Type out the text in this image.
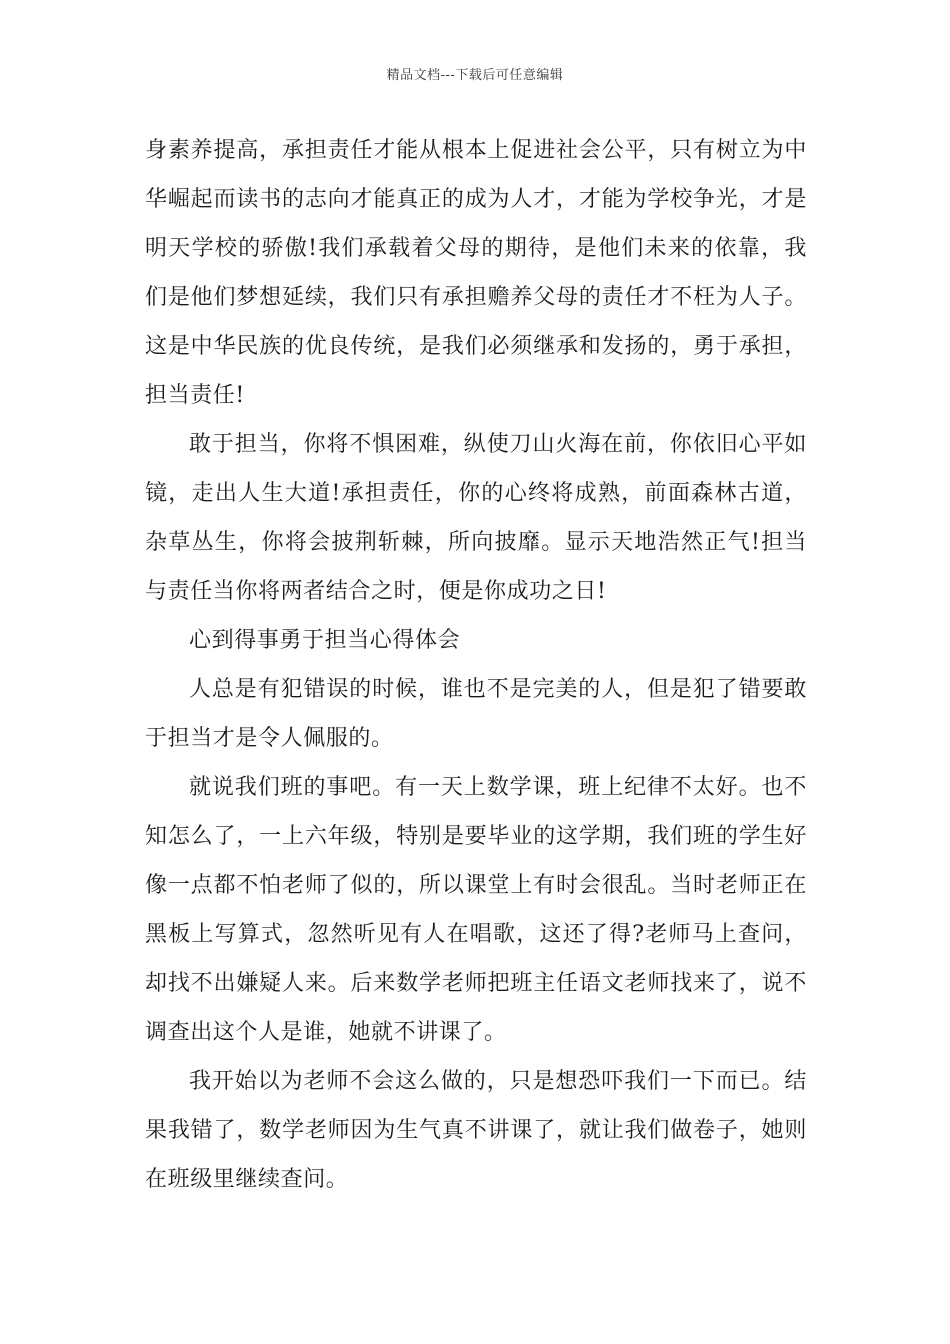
精品文档---下载后可任意编辑

身素养提高，承担责任才能从根本上促进社会公平，只有树立为中华崛起而读书的志向才能真正的成为人才，才能为学校争光，才是明天学校的骄傲!我们承载着父母的期待，是他们未来的依靠，我们是他们梦想延续，我们只有承担赡养父母的责任才不枉为人子。这是中华民族的优良传统，是我们必须继承和发扬的，勇于承担，担当责任!

敢于担当，你将不惧困难，纵使刀山火海在前，你依旧心平如镜，走出人生大道!承担责任，你的心终将成熟，前面森林古道，杂草丛生，你将会披荆斩棘，所向披靡。显示天地浩然正气!担当与责任当你将两者结合之时，便是你成功之日!

心到得事勇于担当心得体会

人总是有犯错误的时候，谁也不是完美的人，但是犯了错要敢于担当才是令人佩服的。

就说我们班的事吧。有一天上数学课，班上纪律不太好。也不知怎么了，一上六年级，特别是要毕业的这学期，我们班的学生好像一点都不怕老师了似的，所以课堂上有时会很乱。当时老师正在黑板上写算式，忽然听见有人在唱歌，这还了得?老师马上查问，却找不出嫌疑人来。后来数学老师把班主任语文老师找来了，说不调查出这个人是谁，她就不讲课了。

我开始以为老师不会这么做的，只是想恐吓我们一下而已。结果我错了，数学老师因为生气真不讲课了，就让我们做卷子，她则在班级里继续查问。
